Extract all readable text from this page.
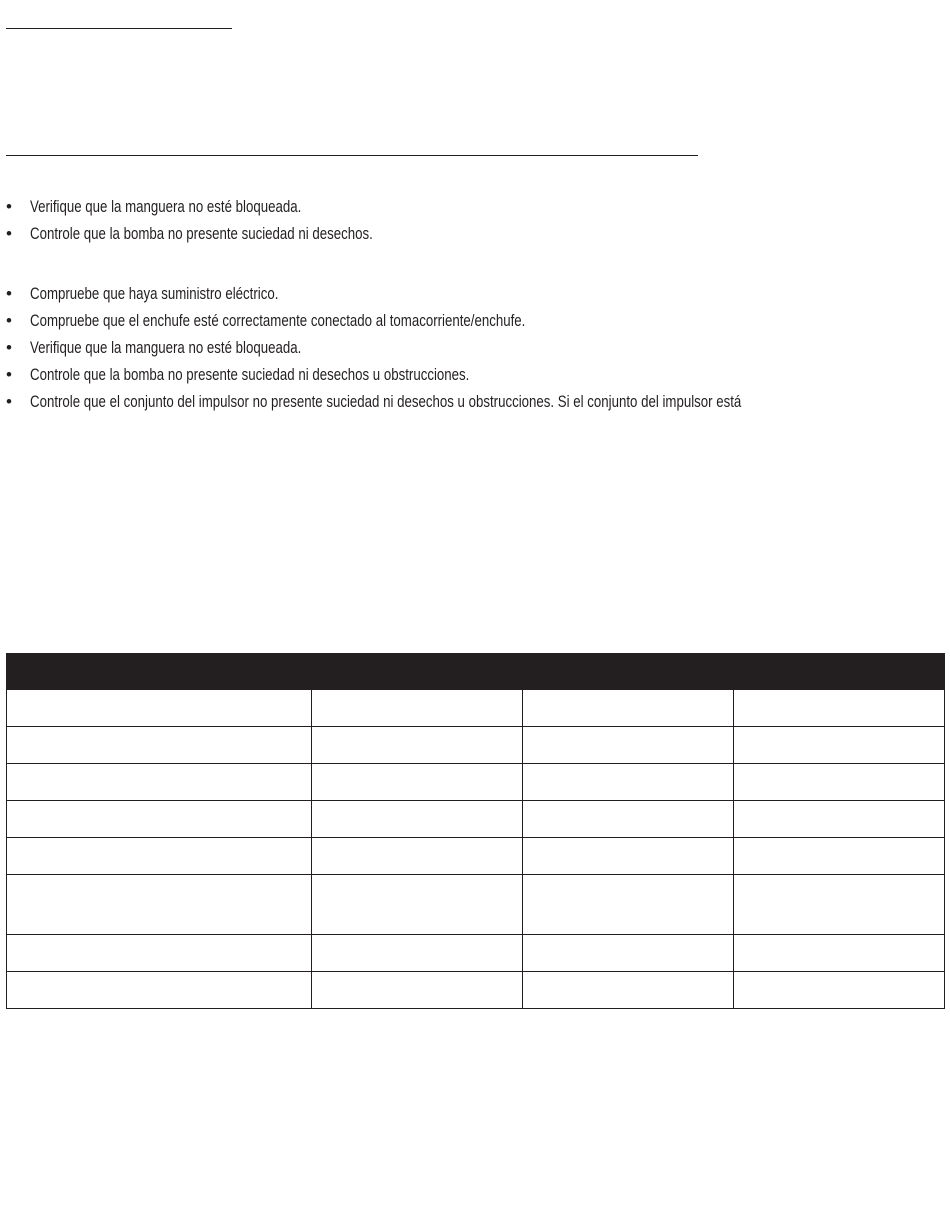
• Verifique que la manguera no esté bloqueada.
• Controle que la bomba no presente suciedad ni desechos.
• Compruebe que haya suministro eléctrico.
• Compruebe que el enchufe esté correctamente conectado al tomacorriente/enchufe.
• Verifique que la manguera no esté bloqueada.
• Controle que la bomba no presente suciedad ni desechos u obstrucciones.
• Controle que el conjunto del impulsor no presente suciedad ni desechos u obstrucciones. Si el conjunto del impulsor está
